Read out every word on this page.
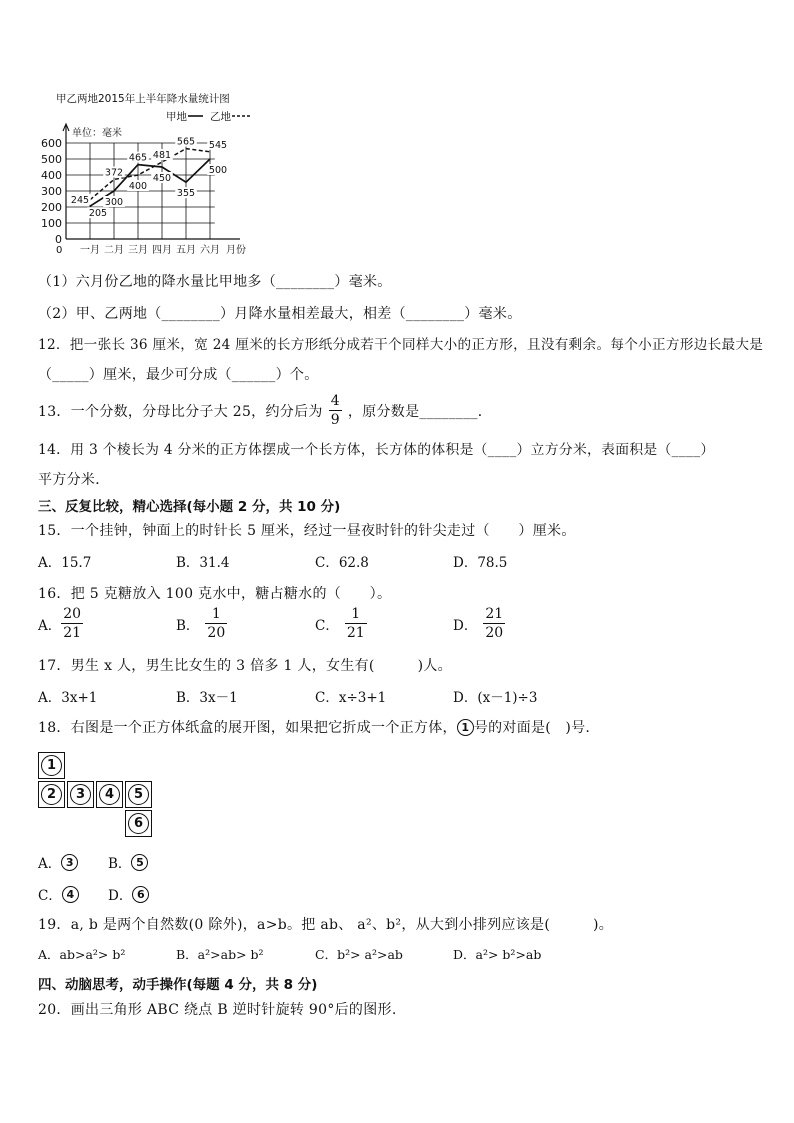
甲乙两地2015年上半年降水量统计图
甲地 乙地
单位：毫米
0
100
200
300
400
500
600
0 一月 二月 三月 四月 五月 六月 月份
245
205
300
372
465
400
450
481
355
565
500
545
（1）六月份乙地的降水量比甲地多（________）毫米。
（2）甲、乙两地（________）月降水量相差最大，相差（________）毫米。
12．把一张长 36 厘米，宽 24 厘米的长方形纸分成若干个同样大小的正方形，且没有剩余。每个小正方形边长最大是
（_____）厘米，最少可分成（______）个。
13．一个分数，分母比分子大 25，约分后为 $\frac{4}{9}$ ，原分数是________．
14．用 3 个棱长为 4 分米的正方体摆成一个长方体，长方体的体积是（____）立方分米，表面积是（____）
平方分米．
三、反复比较，精心选择(每小题 2 分，共 10 分)
15．一个挂钟，钟面上的时针长 5 厘米，经过一昼夜时针的针尖走过（　　）厘米。
A．15.7	B．31.4	C．62.8	D．78.5
16．把 5 克糖放入 100 克水中，糖占糖水的（　　）。
A． $\frac{20}{21}$	B． $\frac{1}{20}$	C． $\frac{1}{21}$	D． $\frac{21}{20}$
17．男生 x 人，男生比女生的 3 倍多 1 人，女生有(　　　)人。
A．3x+1	B．3x－1	C．x÷3+1	D．(x－1)÷3
18．右图是一个正方体纸盒的展开图，如果把它折成一个正方体， 1 号的对面是(　)号.
1
2	3	4	5
6
A． 3	B． 5
C． 4	D． 6
19．a, b 是两个自然数(0 除外)，a>b。把 ab、 a²、b²，从大到小排列应该是(　　　)。
A．ab>a²> b²	B．a²>ab> b²	C．b²> a²>ab	D．a²> b²>ab
四、动脑思考，动手操作(每题 4 分，共 8 分)
20．画出三角形 ABC 绕点 B 逆时针旋转 90°后的图形.
